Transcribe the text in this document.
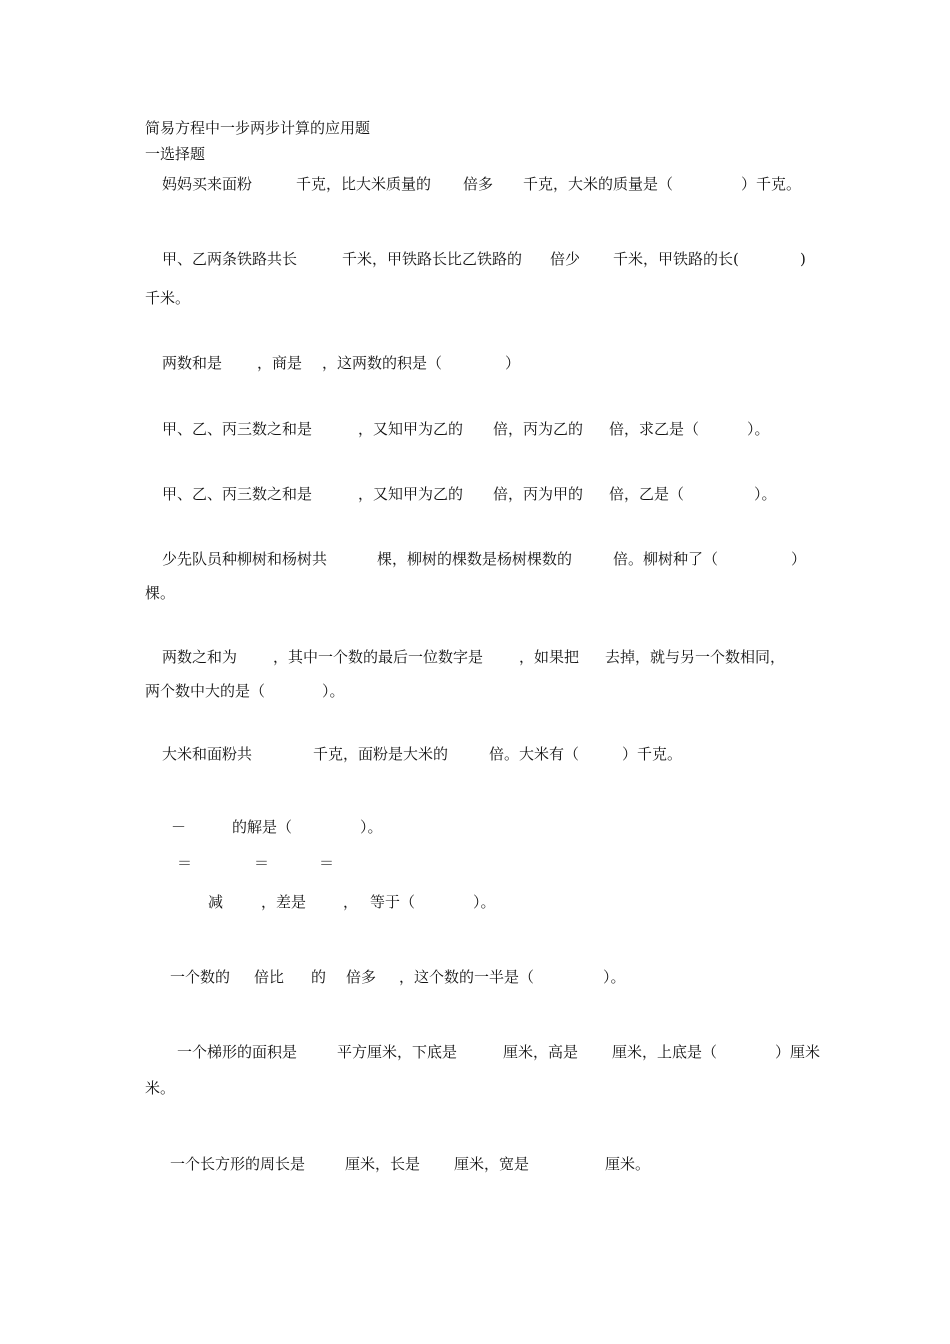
简易方程中一步两步计算的应用题
一选择题
妈妈买来面粉	千克，比大米质量的 倍多 千克，大米的质量是（	）千克。
甲、乙两条铁路共长	千米，甲铁路长比乙铁路的 倍少 千米，甲铁路的长(	)
千米。
两数和是 ，商是 ，这两数的积是（	）
甲、乙、丙三数之和是	，又知甲为乙的 倍，丙为乙的 倍，求乙是（	）。
甲、乙、丙三数之和是	，又知甲为乙的 倍，丙为甲的 倍，乙是（	）。
少先队员种柳树和杨树共	棵，柳树的棵数是杨树棵数的	倍。柳树种了（	）
棵。
两数之和为 ，其中一个数的最后一位数字是 ，如果把 去掉，就与另一个数相同，
两个数中大的是（	）。
大米和面粉共	千克，面粉是大米的	倍。大米有（	）千克。
－	的解是（	）。
＝	＝	＝
减	，差是 ， 等于（	）。
一个数的 倍比 的 倍多 ，这个数的一半是（	）。
一个梯形的面积是	平方厘米，下底是	厘米，高是 厘米，上底是（	）厘米
米。
一个长方形的周长是	厘米，长是 厘米，宽是	厘米。
